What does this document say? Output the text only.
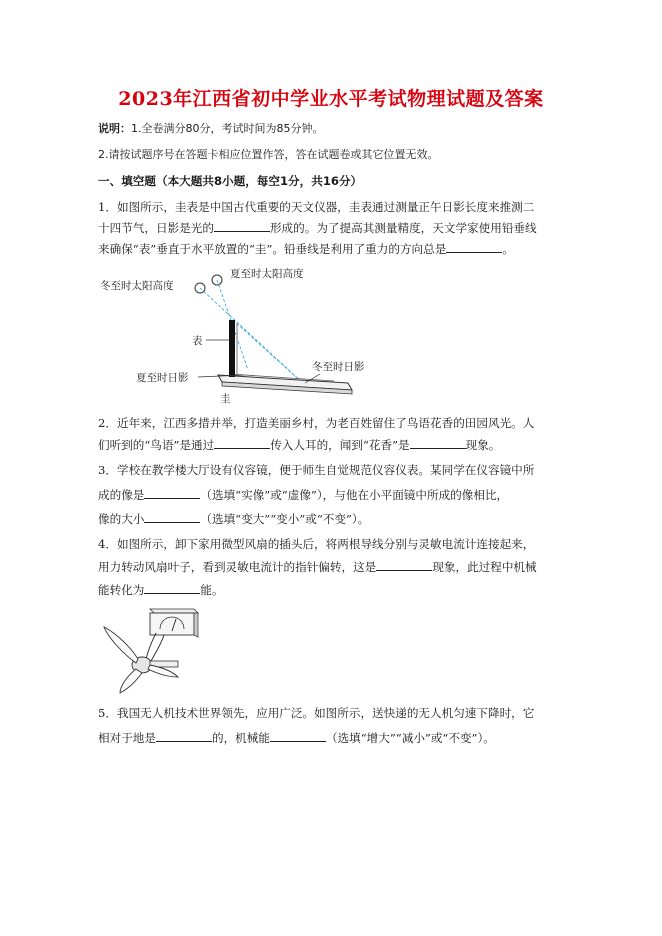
2023年江西省初中学业水平考试物理试题及答案
说明：1.全卷满分80分，考试时间为85分钟。
2.请按试题序号在答题卡相应位置作答，答在试题卷或其它位置无效。
一、填空题（本大题共8小题，每空1分，共16分）
1．如图所示，圭表是中国古代重要的天文仪器，圭表通过测量正午日影长度来推测二
十四节气，日影是光的	形成的。为了提高其测量精度，天文学家使用铅垂线
来确保“表”垂直于水平放置的“圭”。铅垂线是利用了重力的方向总是	。
冬至时太阳高度
夏至时太阳高度
表
冬至时日影
夏至时日影
圭
2．近年来，江西多措并举，打造美丽乡村，为老百姓留住了鸟语花香的田园风光。人
们听到的“鸟语”是通过	传入人耳的，闻到“花香”是	现象。
3．学校在教学楼大厅设有仪容镜，便于师生自觉规范仪容仪表。某同学在仪容镜中所
成的像是	（选填“实像”或“虚像”），与他在小平面镜中所成的像相比，
像的大小	（选填“变大”“变小”或“不变”）。
4．如图所示，卸下家用微型风扇的插头后，将两根导线分别与灵敏电流计连接起来，
用力转动风扇叶子，看到灵敏电流计的指针偏转，这是	现象，此过程中机械
能转化为	能。
5．我国无人机技术世界领先，应用广泛。如图所示，送快递的无人机匀速下降时，它
相对于地是	的，机械能	（选填“增大”“减小”或“不变”）。
